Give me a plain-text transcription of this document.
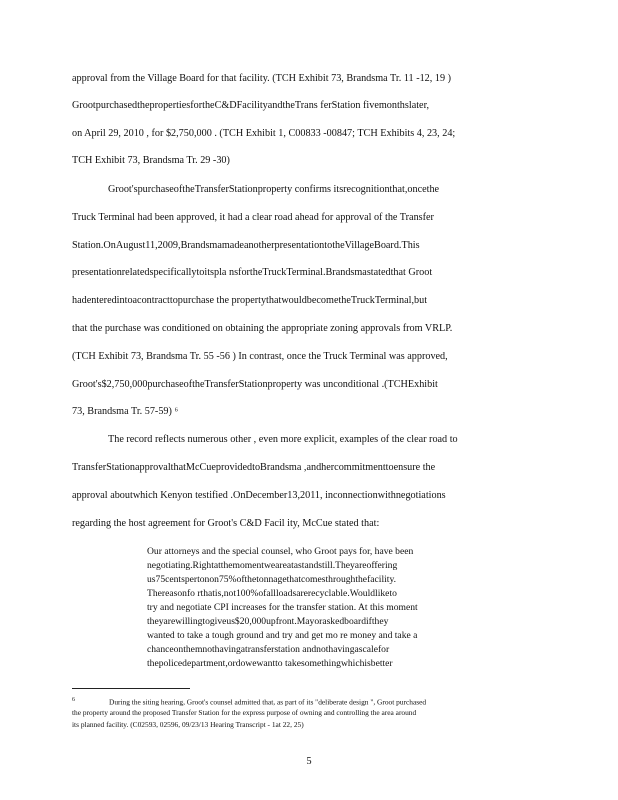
approval from the Village Board for that facility. (TCH Exhibit 73, Brandsma Tr. 11 -12, 19 )
GrootpurchasedthepropertiesfortheC&DFacilityandtheTrans ferStation fivemonthslater,
on April 29, 2010 , for $2,750,000 . (TCH Exhibit 1, C00833 -00847; TCH Exhibits 4, 23, 24;
TCH Exhibit 73, Brandsma Tr. 29 -30)
Groot'spurchaseoftheTransferStationproperty confirms itsrecognitionthat,oncethe
Truck Terminal had been approved, it had a clear road ahead for approval of the Transfer
Station.OnAugust11,2009,BrandsmamadeanotherpresentationtotheVillageBoard.This
presentationrelatedspecificallytoitspla nsfortheTruckTerminal.Brandsmastatedthat Groot
hadenteredintoacontracttopurchase the propertythatwouldbecometheTruckTerminal,but
that the purchase was conditioned on obtaining the appropriate zoning approvals from VRLP.
(TCH Exhibit 73, Brandsma Tr. 55 -56 ) In contrast, once the Truck Terminal was approved,
Groot's$2,750,000purchaseoftheTransferStationproperty was unconditional .(TCHExhibit
73, Brandsma Tr. 57-59) ⁶
The record reflects numerous other , even more explicit, examples of the clear road to
TransferStationapprovalthatMcCueprovidedtoBrandsma ,andhercommitmenttoensure the
approval aboutwhich Kenyon testified .OnDecember13,2011, inconnectionwithnegotiations
regarding the host agreement for Groot's C&D Facil ity, McCue stated that:
Our attorneys and the special counsel, who Groot pays for, have been
negotiating.Rightatthemomentweareatastandstill.Theyareoffering
us75centspertonon75%ofthetonnagethatcomesthroughthefacility.
Thereasonfo rthatis,not100%ofallloadsarerecyclable.Wouldliketo
try and negotiate CPI increases for the transfer station. At this moment
theyarewillingtogiveus$20,000upfront.Mayoraskedboardifthey
wanted to take a tough ground and try and get mo re money and take a
chanceonthemnothavingatransferstation andnothavingascalefor
thepolicedepartment,ordowewantto takesomethingwhichisbetter
$^6$	During the siting hearing, Groot's counsel admitted that, as part of its "deliberate design ", Groot purchased
the property around the proposed Transfer Station for the express purpose of owning and controlling the area around
its planned facility. (C02593, 02596, 09/23/13 Hearing Transcript - 1at 22, 25)
5
